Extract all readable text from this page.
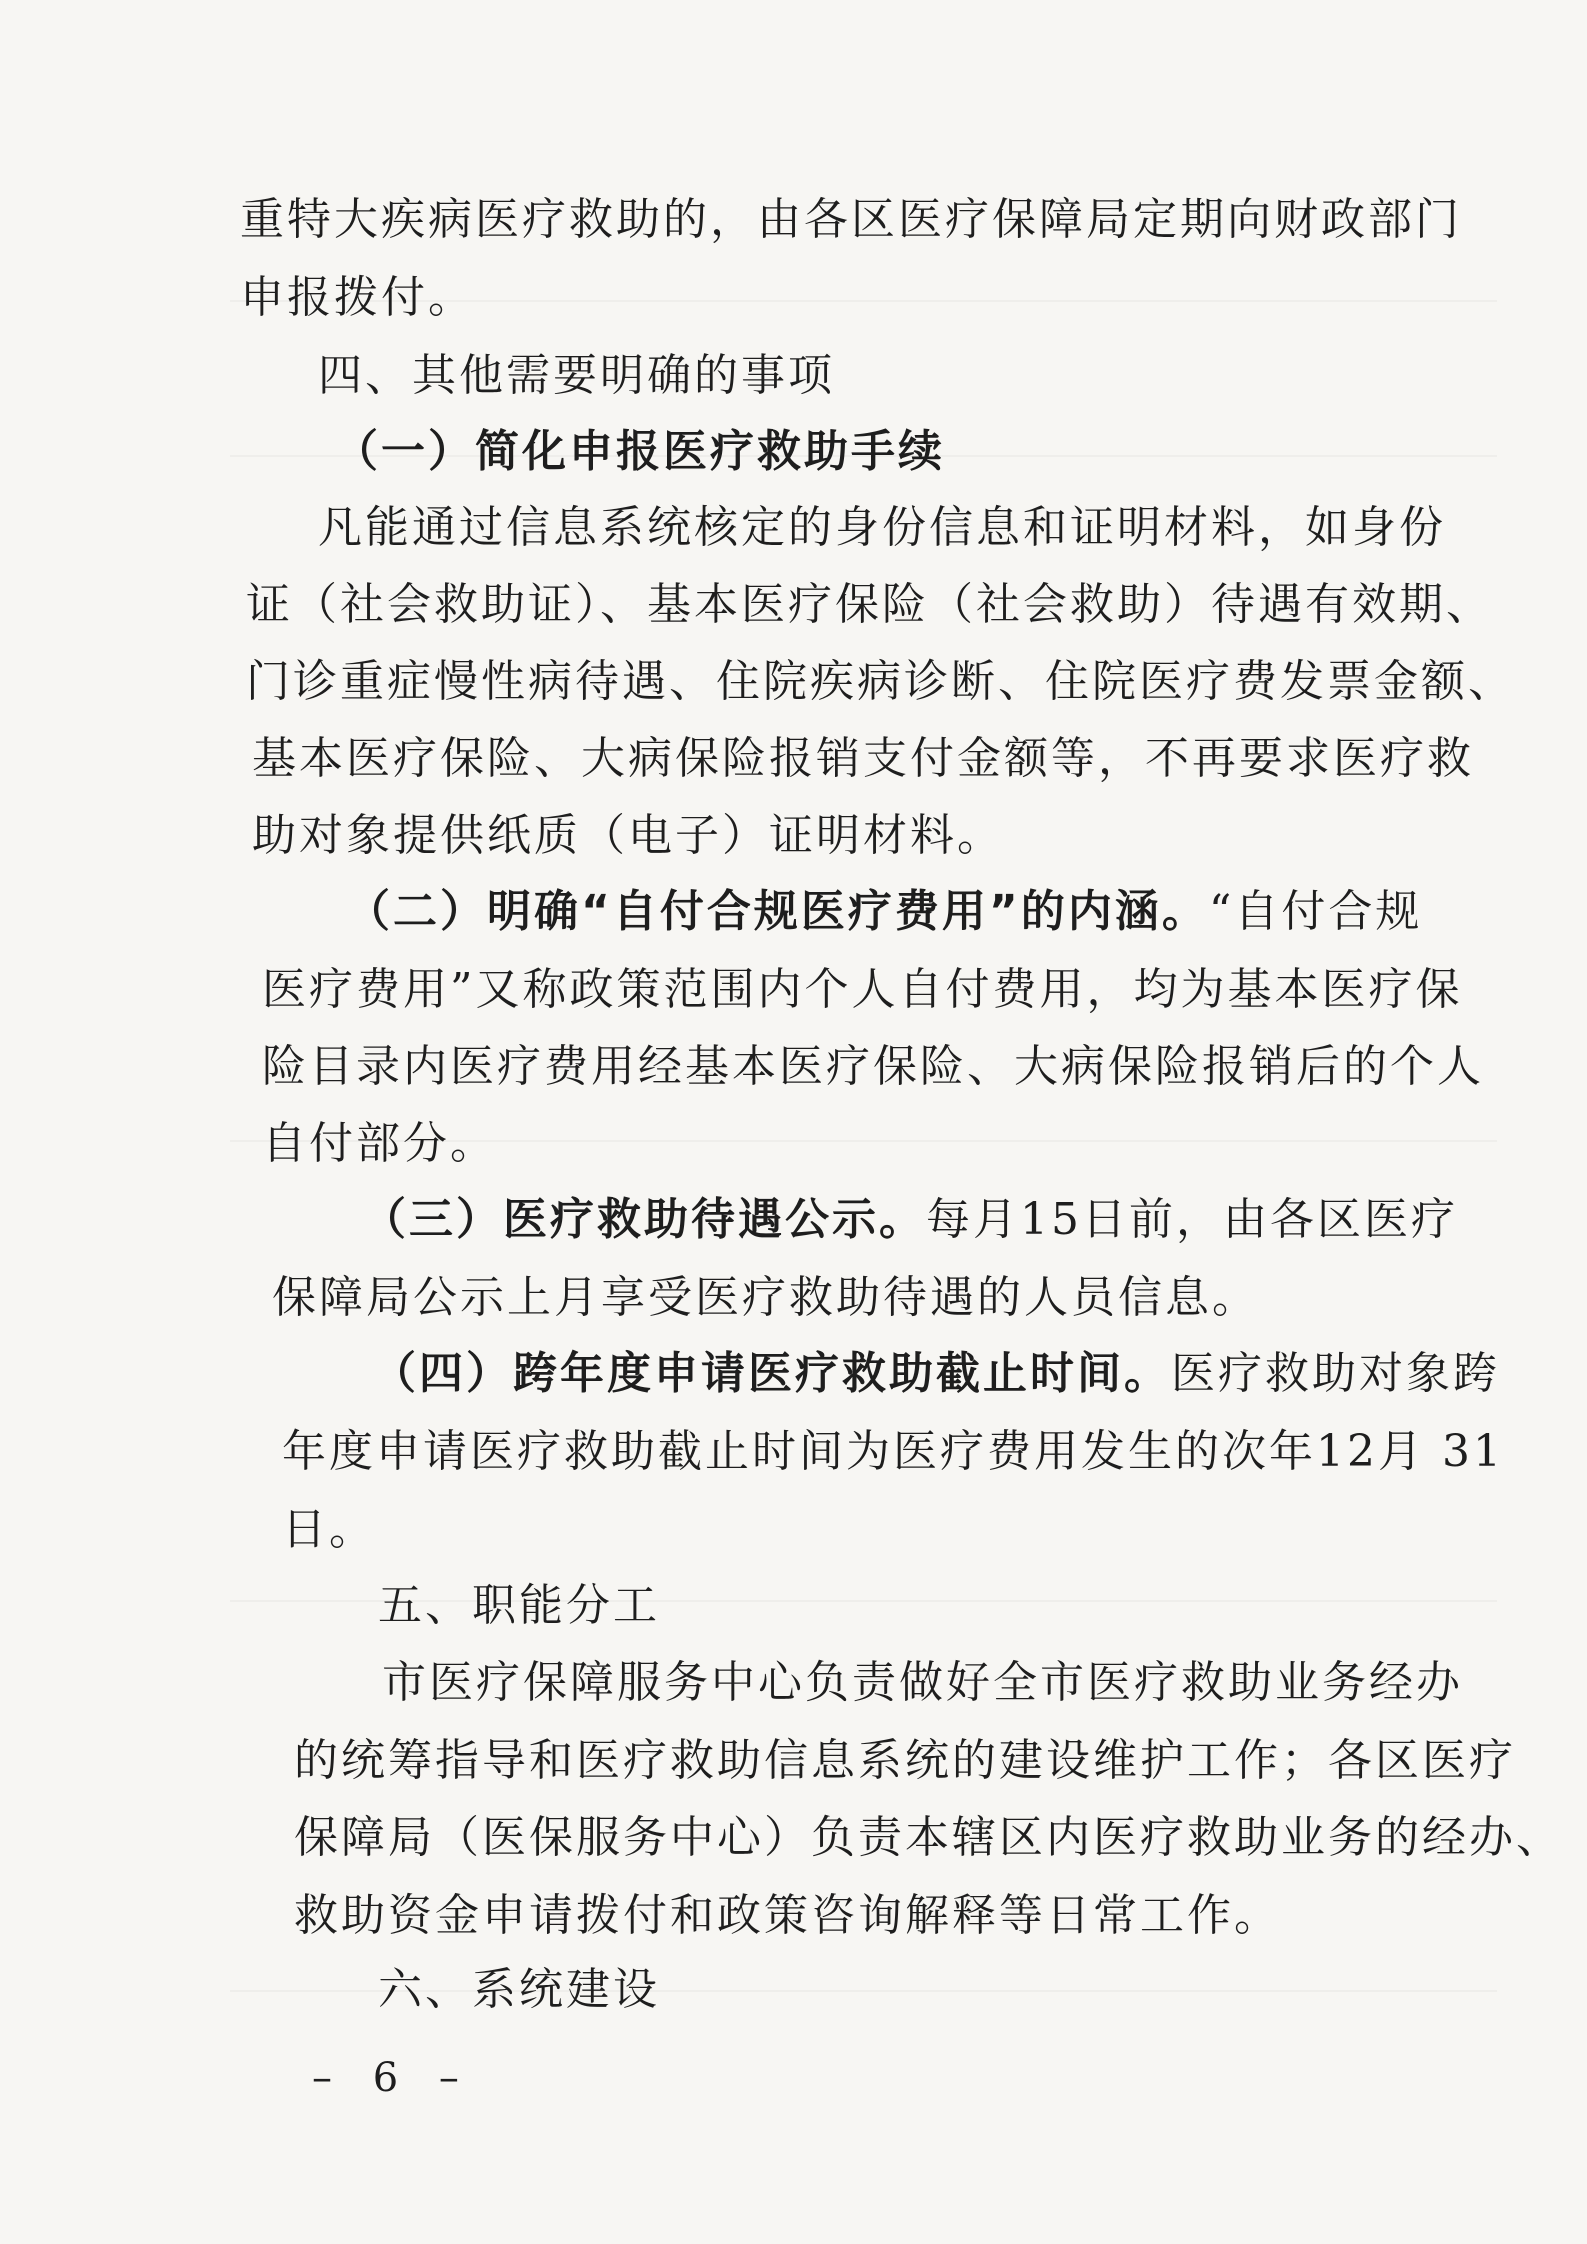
重特大疾病医疗救助的，由各区医疗保障局定期向财政部门
申报拨付。
四、其他需要明确的事项
（一）简化申报医疗救助手续
凡能通过信息系统核定的身份信息和证明材料，如身份
证（社会救助证）、基本医疗保险（社会救助）待遇有效期、
门诊重症慢性病待遇、住院疾病诊断、住院医疗费发票金额、
基本医疗保险、大病保险报销支付金额等，不再要求医疗救
助对象提供纸质（电子）证明材料。
（二）明确“自付合规医疗费用”的内涵。“自付合规
医疗费用”又称政策范围内个人自付费用，均为基本医疗保
险目录内医疗费用经基本医疗保险、大病保险报销后的个人
自付部分。
（三）医疗救助待遇公示。每月15日前，由各区医疗
保障局公示上月享受医疗救助待遇的人员信息。
（四）跨年度申请医疗救助截止时间。医疗救助对象跨
年度申请医疗救助截止时间为医疗费用发生的次年12月 31
日。
五、职能分工
市医疗保障服务中心负责做好全市医疗救助业务经办
的统筹指导和医疗救助信息系统的建设维护工作；各区医疗
保障局（医保服务中心）负责本辖区内医疗救助业务的经办、
救助资金申请拨付和政策咨询解释等日常工作。
六、系统建设
– 6 –
